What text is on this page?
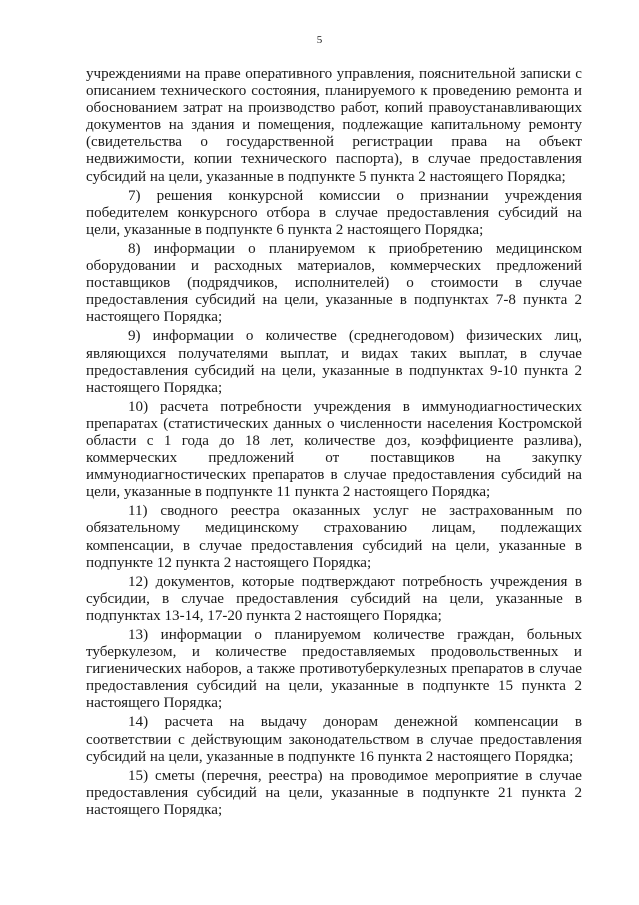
5

учреждениями на праве оперативного управления, пояснительной записки с описанием технического состояния, планируемого к проведению ремонта и обоснованием затрат на производство работ, копий правоустанавливающих документов на здания и помещения, подлежащие капитальному ремонту (свидетельства о государственной регистрации права на объект недвижимости, копии технического паспорта), в случае предоставления субсидий на цели, указанные в подпункте 5 пункта 2 настоящего Порядка;

7) решения конкурсной комиссии о признании учреждения победителем конкурсного отбора в случае предоставления субсидий на цели, указанные в подпункте 6 пункта 2 настоящего Порядка;

8) информации о планируемом к приобретению медицинском оборудовании и расходных материалов, коммерческих предложений поставщиков (подрядчиков, исполнителей) о стоимости в случае предоставления субсидий на цели, указанные в подпунктах 7-8 пункта 2 настоящего Порядка;

9) информации о количестве (среднегодовом) физических лиц, являющихся получателями выплат, и видах таких выплат, в случае предоставления субсидий на цели, указанные в подпунктах 9-10 пункта 2 настоящего Порядка;

10) расчета потребности учреждения в иммунодиагностических препаратах (статистических данных о численности населения Костромской области с 1 года до 18 лет, количестве доз, коэффициенте разлива), коммерческих предложений от поставщиков на закупку иммунодиагностических препаратов в случае предоставления субсидий на цели, указанные в подпункте 11 пункта 2 настоящего Порядка;

11) сводного реестра оказанных услуг не застрахованным по обязательному медицинскому страхованию лицам, подлежащих компенсации, в случае предоставления субсидий на цели, указанные в подпункте 12 пункта 2 настоящего Порядка;

12) документов, которые подтверждают потребность учреждения в субсидии, в случае предоставления субсидий на цели, указанные в подпунктах 13-14, 17-20 пункта 2 настоящего Порядка;

13) информации о планируемом количестве граждан, больных туберкулезом, и количестве предоставляемых продовольственных и гигиенических наборов, а также противотуберкулезных препаратов в случае предоставления субсидий на цели, указанные в подпункте 15 пункта 2 настоящего Порядка;

14) расчета на выдачу донорам денежной компенсации в соответствии с действующим законодательством в случае предоставления субсидий на цели, указанные в подпункте 16 пункта 2 настоящего Порядка;

15) сметы (перечня, реестра) на проводимое мероприятие в случае предоставления субсидий на цели, указанные в подпункте 21 пункта 2 настоящего Порядка;
